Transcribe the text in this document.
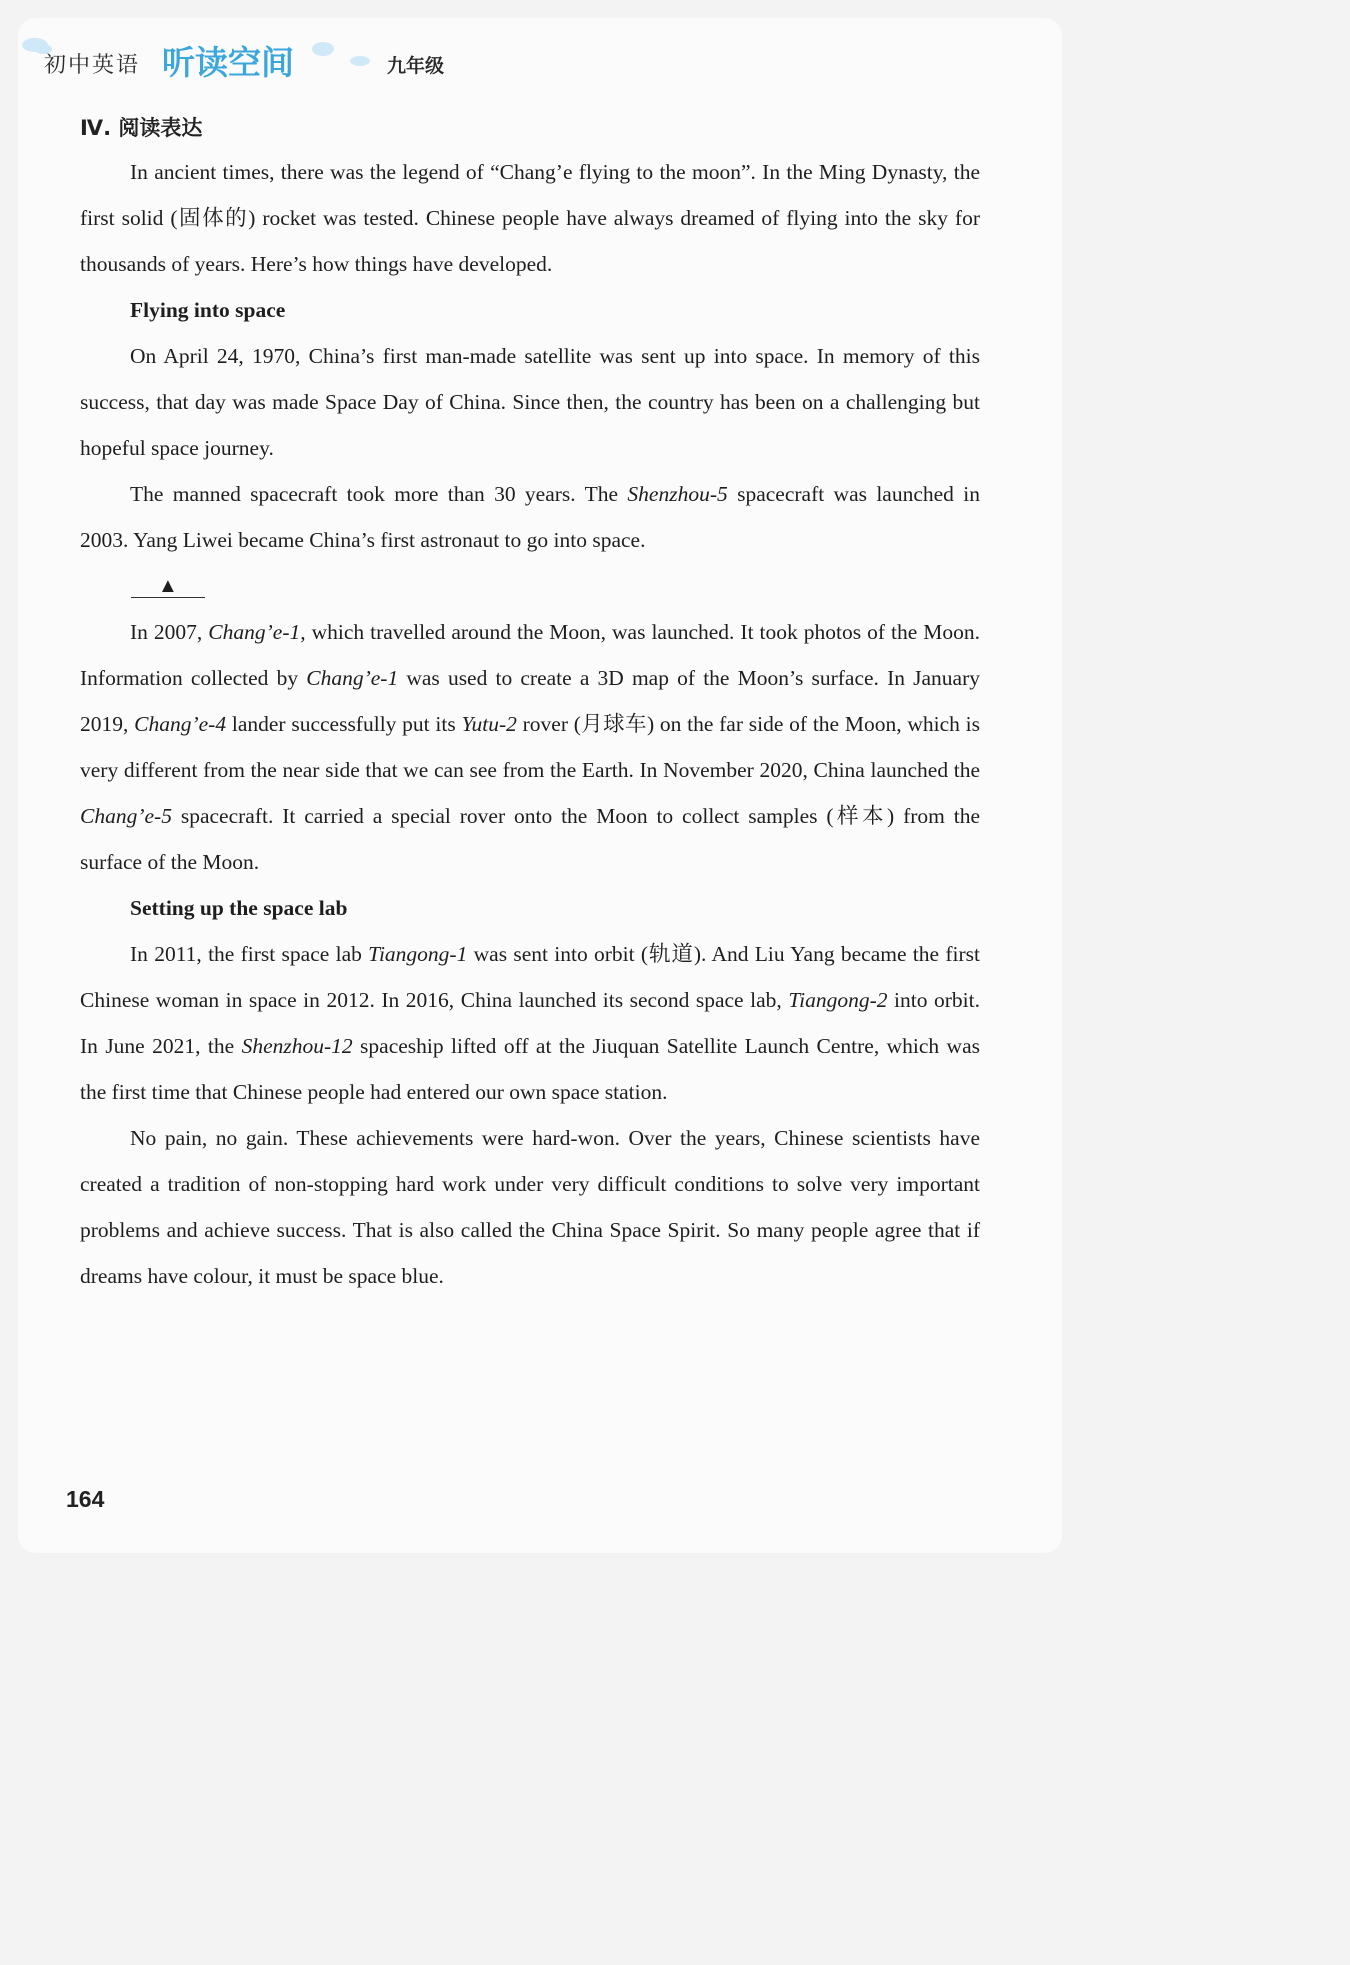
初中英语 听读空间	九年级
Ⅳ. 阅读表达

In ancient times, there was the legend of “Chang’e flying to the moon”. In the Ming Dynasty, the first solid (固体的) rocket was tested. Chinese people have always dreamed of flying into the sky for thousands of years. Here’s how things have developed.

Flying into space

On April 24, 1970, China’s first man-made satellite was sent up into space. In memory of this success, that day was made Space Day of China. Since then, the country has been on a challenging but hopeful space journey.

The manned spacecraft took more than 30 years. The Shenzhou-5 spacecraft was launched in 2003. Yang Liwei became China’s first astronaut to go into space.

▲

In 2007, Chang’e-1, which travelled around the Moon, was launched. It took photos of the Moon. Information collected by Chang’e-1 was used to create a 3D map of the Moon’s surface. In January 2019, Chang’e-4 lander successfully put its Yutu-2 rover (月球车) on the far side of the Moon, which is very different from the near side that we can see from the Earth. In November 2020, China launched the Chang’e-5 spacecraft. It carried a special rover onto the Moon to collect samples (样本) from the surface of the Moon.

Setting up the space lab

In 2011, the first space lab Tiangong-1 was sent into orbit (轨道). And Liu Yang became the first Chinese woman in space in 2012. In 2016, China launched its second space lab, Tiangong-2 into orbit. In June 2021, the Shenzhou-12 spaceship lifted off at the Jiuquan Satellite Launch Centre, which was the first time that Chinese people had entered our own space station.

No pain, no gain. These achievements were hard-won. Over the years, Chinese scientists have created a tradition of non-stopping hard work under very difficult conditions to solve very important problems and achieve success. That is also called the China Space Spirit. So many people agree that if dreams have colour, it must be space blue.

164
